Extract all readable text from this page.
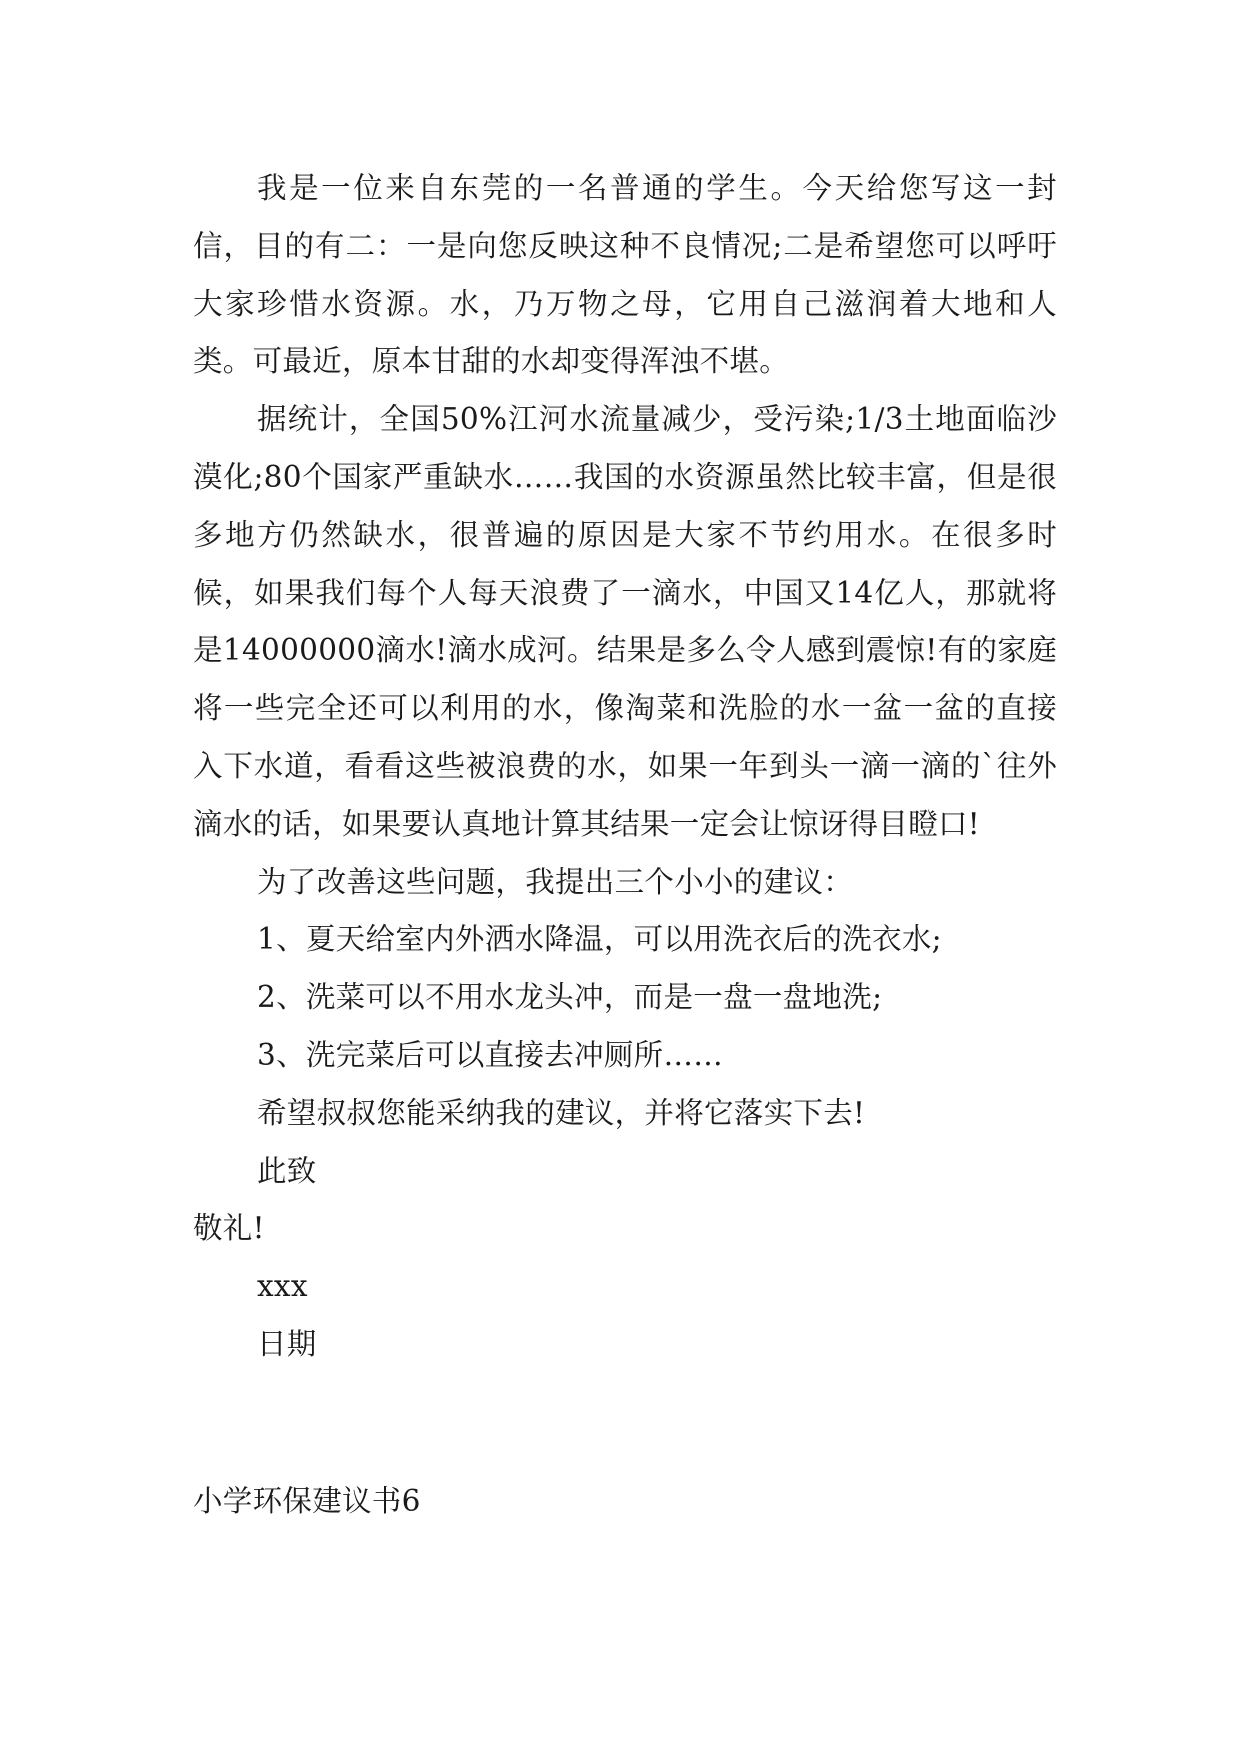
我是一位来自东莞的一名普通的学生。今天给您写这一封信，目的有二：一是向您反映这种不良情况;二是希望您可以呼吁大家珍惜水资源。水，乃万物之母，它用自己滋润着大地和人类。可最近，原本甘甜的水却变得浑浊不堪。

据统计，全国50%江河水流量减少，受污染;1/3土地面临沙漠化;80个国家严重缺水……我国的水资源虽然比较丰富，但是很多地方仍然缺水，很普遍的原因是大家不节约用水。在很多时候，如果我们每个人每天浪费了一滴水，中国又14亿人，那就将是14000000滴水!滴水成河。结果是多么令人感到震惊!有的家庭将一些完全还可以利用的水，像淘菜和洗脸的水一盆一盆的直接入下水道，看看这些被浪费的水，如果一年到头一滴一滴的`往外滴水的话，如果要认真地计算其结果一定会让惊讶得目瞪口!

为了改善这些问题，我提出三个小小的建议：

1、夏天给室内外洒水降温，可以用洗衣后的洗衣水;

2、洗菜可以不用水龙头冲，而是一盘一盘地洗;

3、洗完菜后可以直接去冲厕所……

希望叔叔您能采纳我的建议，并将它落实下去!

此致

敬礼!

xxx

日期

小学环保建议书6
